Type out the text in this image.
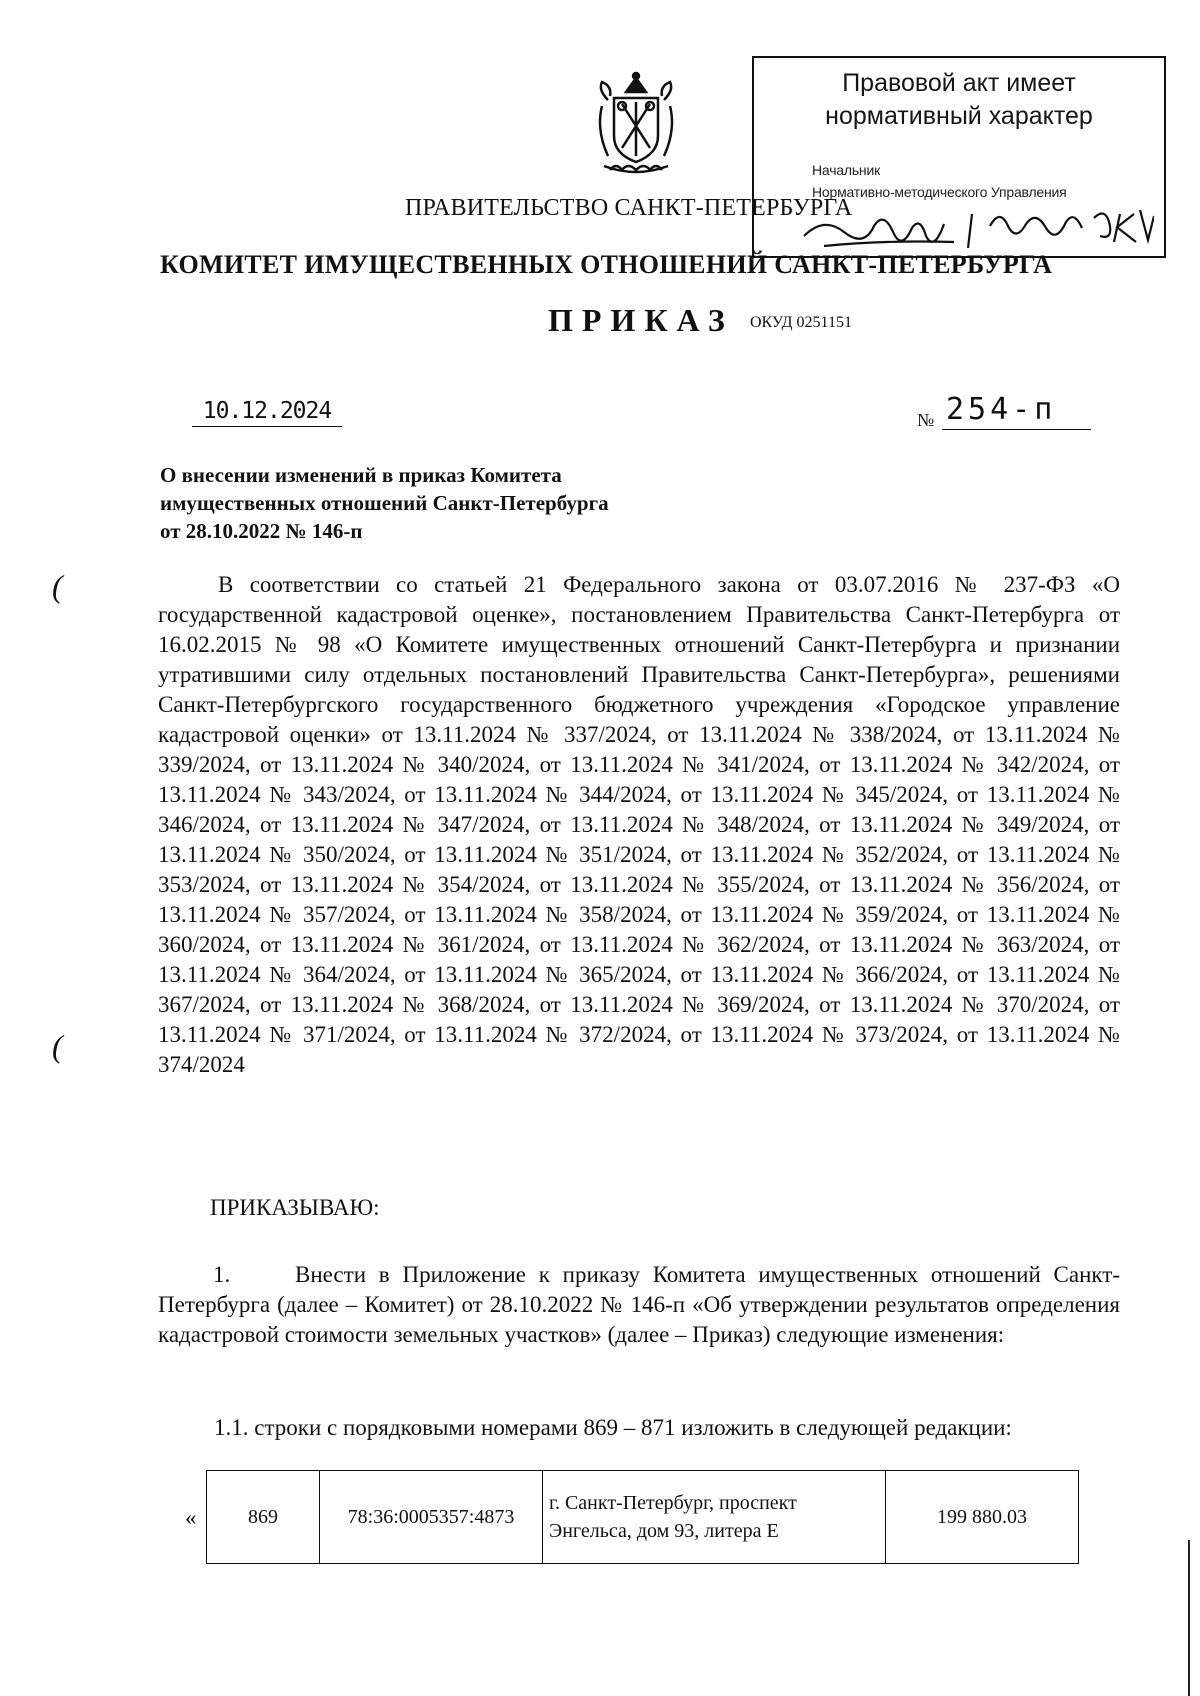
Правовой акт имеет
нормативный характер
Начальник
Нормативно-методического Управления
ПРАВИТЕЛЬСТВО САНКТ-ПЕТЕРБУРГА
КОМИТЕТ ИМУЩЕСТВЕННЫХ ОТНОШЕНИЙ САНКТ-ПЕТЕРБУРГА
ПРИКАЗ ОКУД 0251151
10.12.2024	№ 254-п
О внесении изменений в приказ Комитета
имущественных отношений Санкт-Петербурга
от 28.10.2022 № 146-п
(
(

В соответствии со статьей 21 Федерального закона от 03.07.2016 № 237-ФЗ «О государственной кадастровой оценке», постановлением Правительства Санкт-Петербурга от 16.02.2015 № 98 «О Комитете имущественных отношений Санкт-Петербурга и признании утратившими силу отдельных постановлений Правительства Санкт-Петербурга», решениями Санкт-Петербургского государственного бюджетного учреждения «Городское управление кадастровой оценки» от 13.11.2024 № 337/2024, от 13.11.2024 № 338/2024, от 13.11.2024 № 339/2024, от 13.11.2024 № 340/2024, от 13.11.2024 № 341/2024, от 13.11.2024 № 342/2024, от 13.11.2024 № 343/2024, от 13.11.2024 № 344/2024, от 13.11.2024 № 345/2024, от 13.11.2024 № 346/2024, от 13.11.2024 № 347/2024, от 13.11.2024 № 348/2024, от 13.11.2024 № 349/2024, от 13.11.2024 № 350/2024, от 13.11.2024 № 351/2024, от 13.11.2024 № 352/2024, от 13.11.2024 № 353/2024, от 13.11.2024 № 354/2024, от 13.11.2024 № 355/2024, от 13.11.2024 № 356/2024, от 13.11.2024 № 357/2024, от 13.11.2024 № 358/2024, от 13.11.2024 № 359/2024, от 13.11.2024 № 360/2024, от 13.11.2024 № 361/2024, от 13.11.2024 № 362/2024, от 13.11.2024 № 363/2024, от 13.11.2024 № 364/2024, от 13.11.2024 № 365/2024, от 13.11.2024 № 366/2024, от 13.11.2024 № 367/2024, от 13.11.2024 № 368/2024, от 13.11.2024 № 369/2024, от 13.11.2024 № 370/2024, от 13.11.2024 № 371/2024, от 13.11.2024 № 372/2024, от 13.11.2024 № 373/2024, от 13.11.2024 № 374/2024

ПРИКАЗЫВАЮ:

1.	Внести в Приложение к приказу Комитета имущественных отношений Санкт-Петербурга (далее – Комитет) от 28.10.2022 № 146-п «Об утверждении результатов определения кадастровой стоимости земельных участков» (далее – Приказ) следующие изменения:

1.1. строки с порядковыми номерами 869 – 871 изложить в следующей редакции:
«	869	78:36:0005357:4873	г. Санкт-Петербург, проспект Энгельса, дом 93, литера Е	199 880.03
